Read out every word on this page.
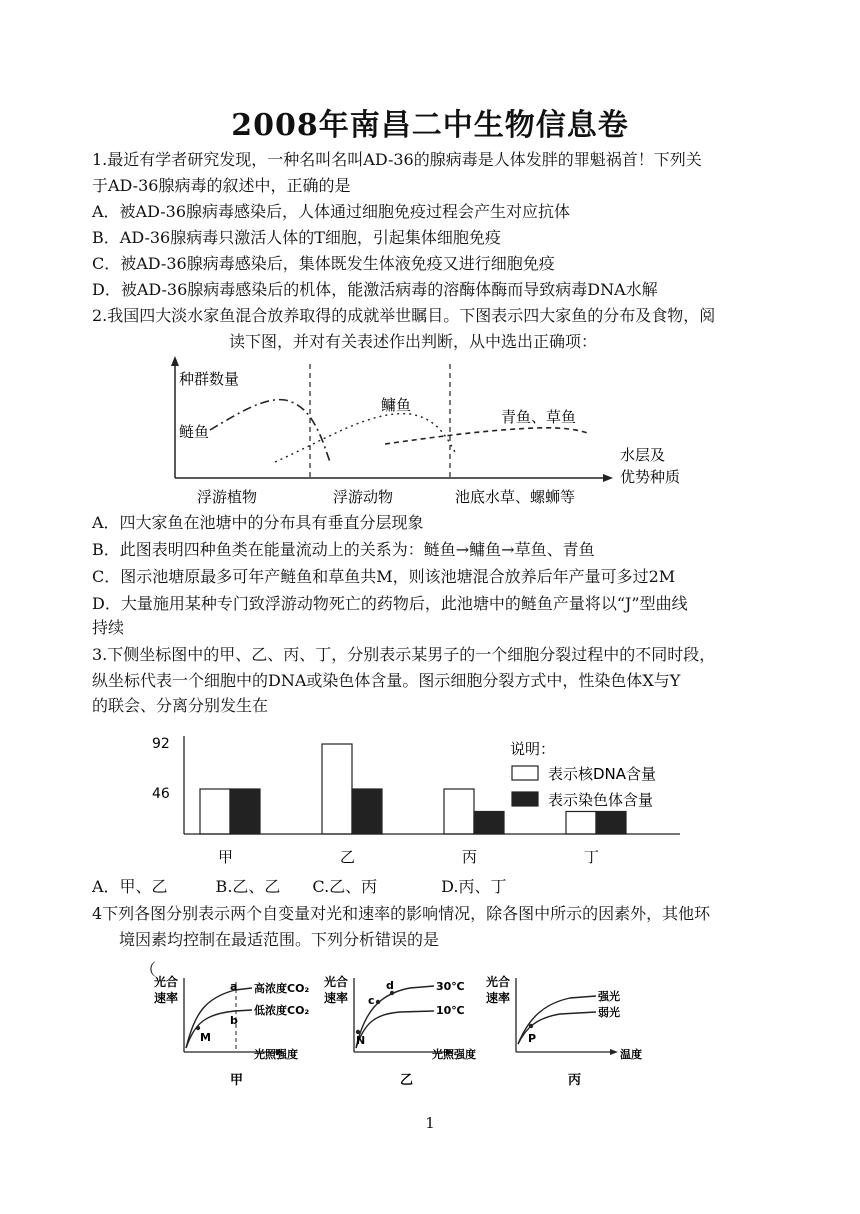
2008年南昌二中生物信息卷
1.最近有学者研究发现，一种名叫名叫AD-36的腺病毒是人体发胖的罪魁祸首！下列关
于AD-36腺病毒的叙述中，正确的是
A．被AD-36腺病毒感染后，人体通过细胞免疫过程会产生对应抗体
B．AD-36腺病毒只激活人体的T细胞，引起集体细胞免疫
C．被AD-36腺病毒感染后，集体既发生体液免疫又进行细胞免疫
D．被AD-36腺病毒感染后的机体，能激活病毒的溶酶体酶而导致病毒DNA水解
2.我国四大淡水家鱼混合放养取得的成就举世瞩目。下图表示四大家鱼的分布及食物，阅
读下图，并对有关表述作出判断，从中选出正确项：
种群数量
鲢鱼
鳙鱼
青鱼、草鱼
水层及
优势种质
浮游植物	浮游动物	池底水草、螺蛳等
A．四大家鱼在池塘中的分布具有垂直分层现象
B．此图表明四种鱼类在能量流动上的关系为：鲢鱼→鳙鱼→草鱼、青鱼
C．图示池塘原最多可年产鲢鱼和草鱼共M，则该池塘混合放养后年产量可多过2M
D．大量施用某种专门致浮游动物死亡的药物后，此池塘中的鲢鱼产量将以“J”型曲线
持续
3.下侧坐标图中的甲、乙、丙、丁，分别表示某男子的一个细胞分裂过程中的不同时段，
纵坐标代表一个细胞中的DNA或染色体含量。图示细胞分裂方式中，性染色体X与Y
的联会、分离分别发生在
92
46
说明：
表示核DNA含量
表示染色体含量
甲	乙	丙	丁
A．甲、乙　　　B.乙、乙　　C.乙、丙　　　　D.丙、丁
4下列各图分别表示两个自变量对光和速率的影响情况，除各图中所示的因素外，其他环
境因素均控制在最适范围。下列分析错误的是
（
光合
速率
M
a
b
高浓度CO₂
低浓度CO₂
光照强度
甲
光合
速率
N
c
d	30℃
10℃
光照强度
乙
光合
速率
P
强光
弱光
温度
丙
1
